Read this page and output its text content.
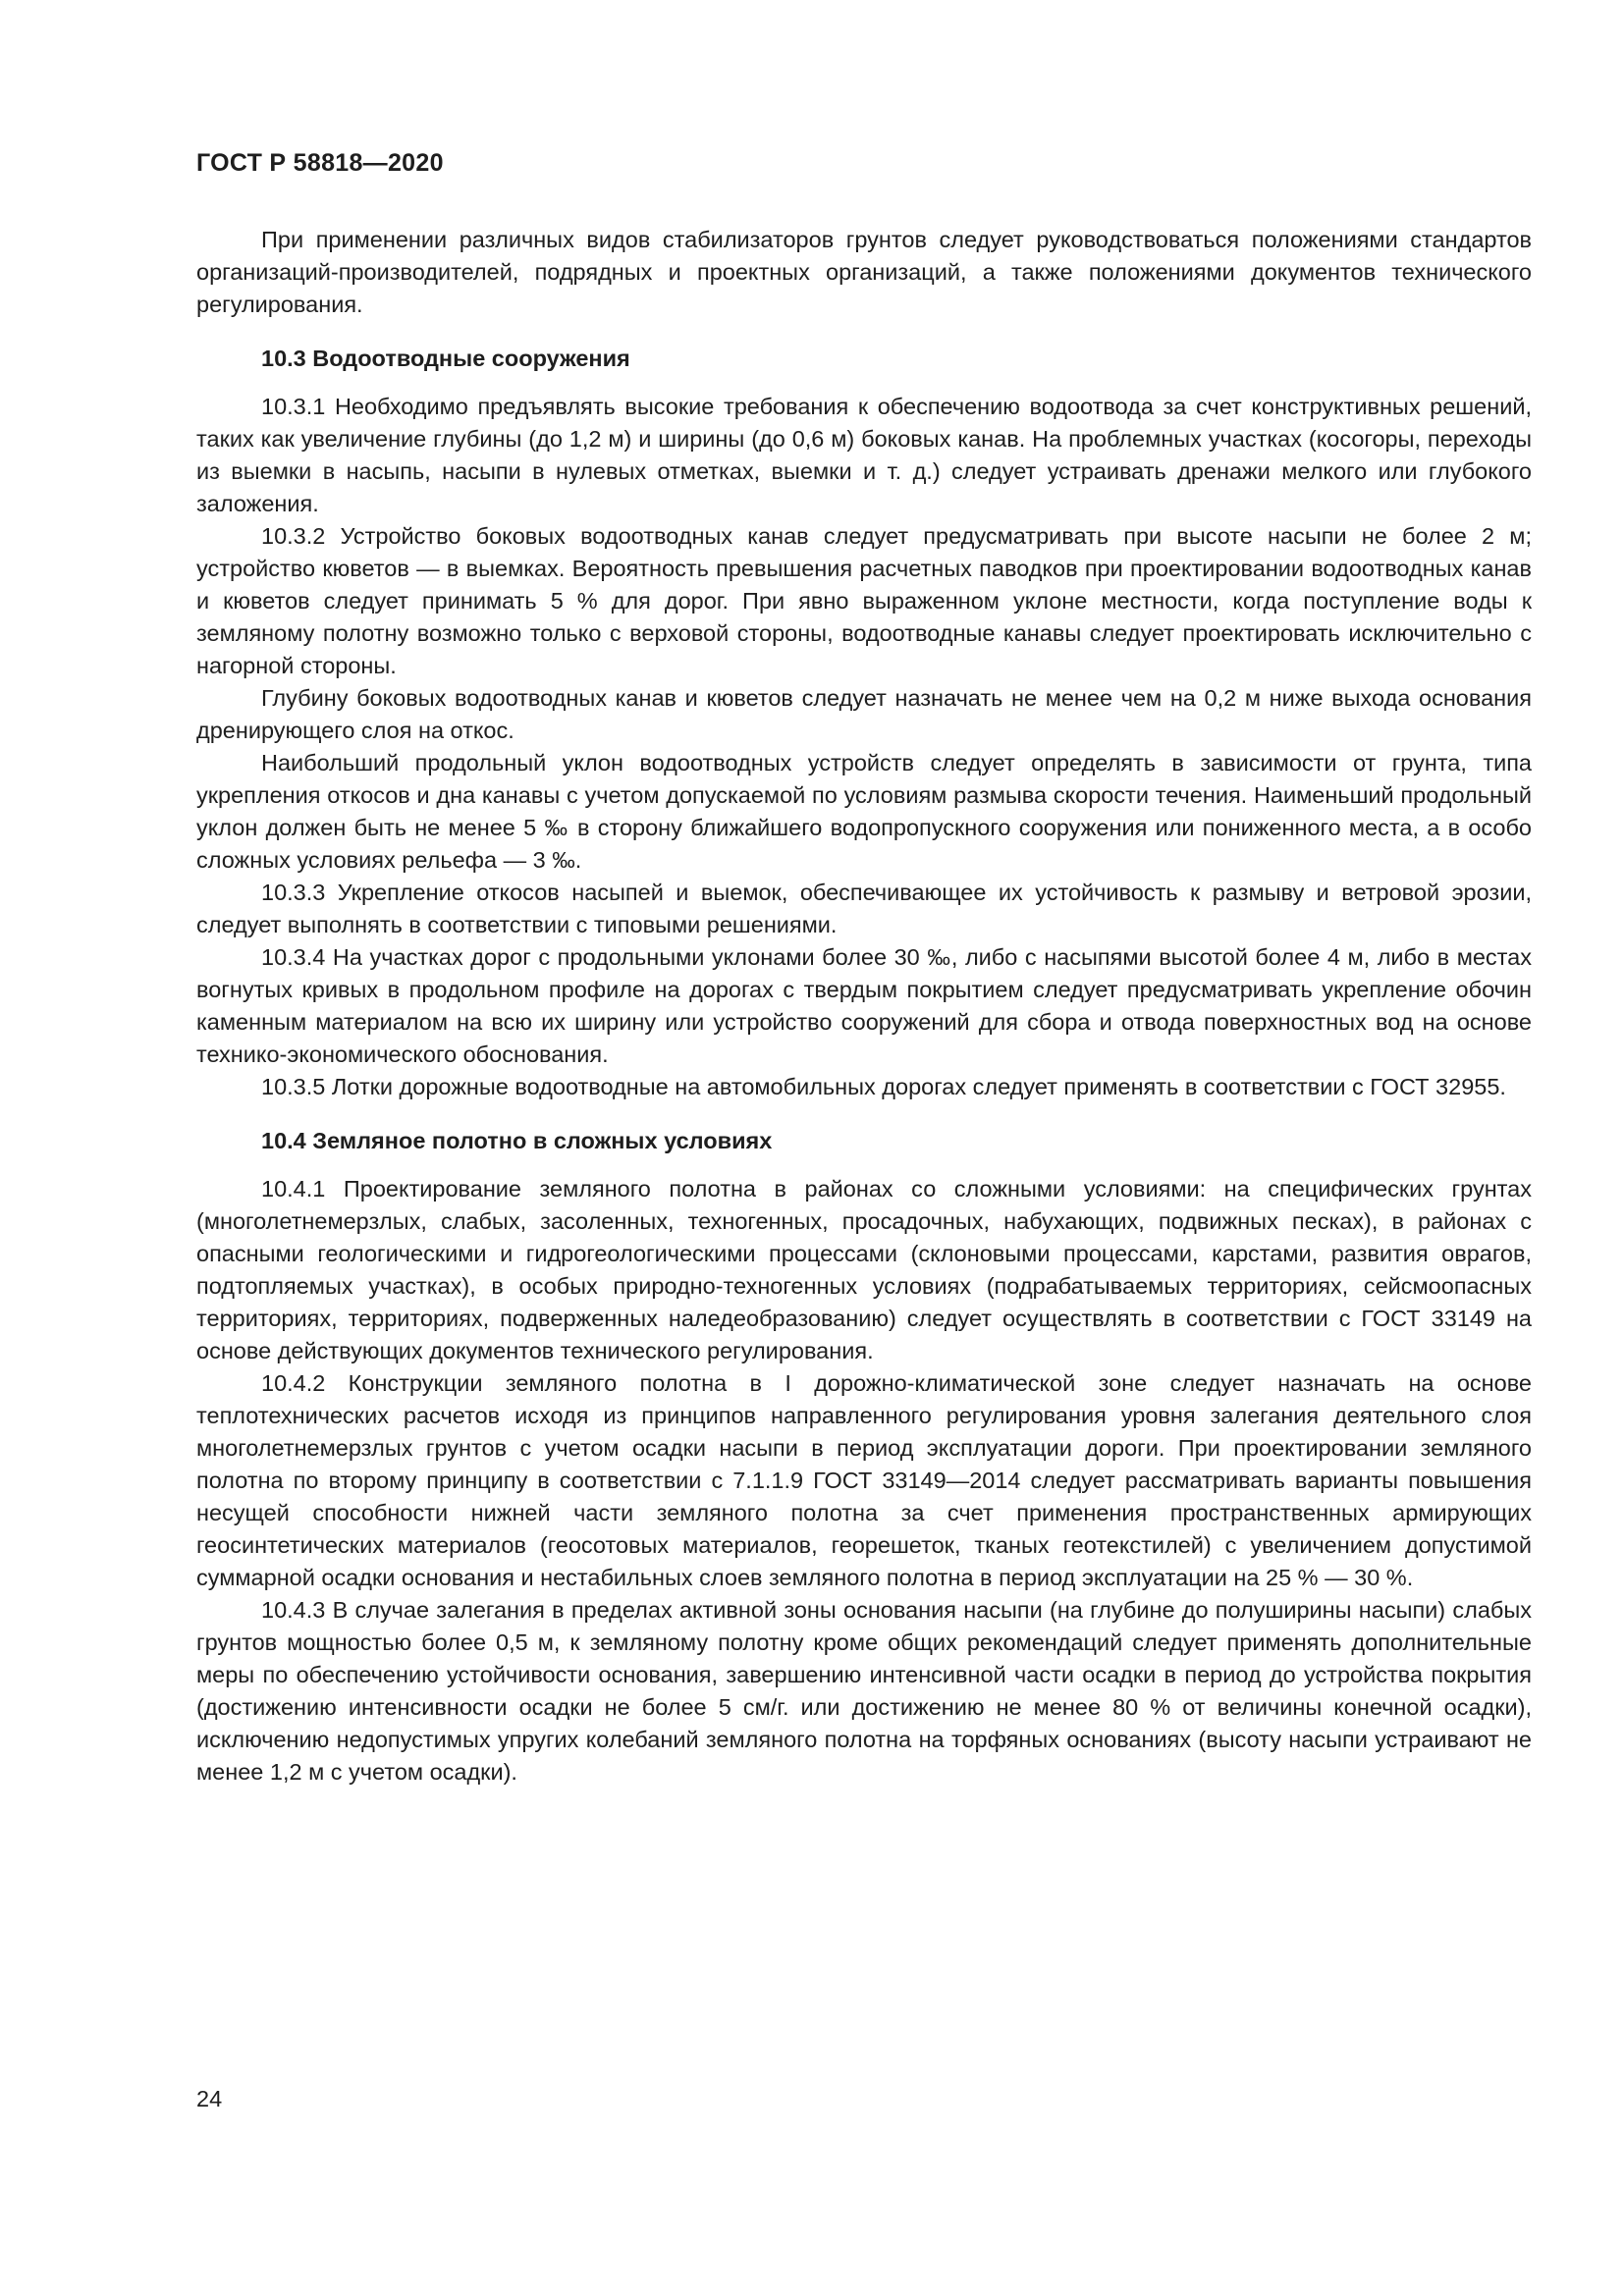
ГОСТ Р 58818—2020

При применении различных видов стабилизаторов грунтов следует руководствоваться положениями стандартов организаций-производителей, подрядных и проектных организаций, а также положениями документов технического регулирования.

10.3 Водоотводные сооружения

10.3.1 Необходимо предъявлять высокие требования к обеспечению водоотвода за счет конструктивных решений, таких как увеличение глубины (до 1,2 м) и ширины (до 0,6 м) боковых канав. На проблемных участках (косогоры, переходы из выемки в насыпь, насыпи в нулевых отметках, выемки и т. д.) следует устраивать дренажи мелкого или глубокого заложения.

10.3.2 Устройство боковых водоотводных канав следует предусматривать при высоте насыпи не более 2 м; устройство кюветов — в выемках. Вероятность превышения расчетных паводков при проектировании водоотводных канав и кюветов следует принимать 5 % для дорог. При явно выраженном уклоне местности, когда поступление воды к земляному полотну возможно только с верховой стороны, водоотводные канавы следует проектировать исключительно с нагорной стороны.

Глубину боковых водоотводных канав и кюветов следует назначать не менее чем на 0,2 м ниже выхода основания дренирующего слоя на откос.

Наибольший продольный уклон водоотводных устройств следует определять в зависимости от грунта, типа укрепления откосов и дна канавы с учетом допускаемой по условиям размыва скорости течения. Наименьший продольный уклон должен быть не менее 5 ‰ в сторону ближайшего водопропускного сооружения или пониженного места, а в особо сложных условиях рельефа — 3 ‰.

10.3.3 Укрепление откосов насыпей и выемок, обеспечивающее их устойчивость к размыву и ветровой эрозии, следует выполнять в соответствии с типовыми решениями.

10.3.4 На участках дорог с продольными уклонами более 30 ‰, либо с насыпями высотой более 4 м, либо в местах вогнутых кривых в продольном профиле на дорогах с твердым покрытием следует предусматривать укрепление обочин каменным материалом на всю их ширину или устройство сооружений для сбора и отвода поверхностных вод на основе технико-экономического обоснования.

10.3.5 Лотки дорожные водоотводные на автомобильных дорогах следует применять в соответствии с ГОСТ 32955.

10.4 Земляное полотно в сложных условиях

10.4.1 Проектирование земляного полотна в районах со сложными условиями: на специфических грунтах (многолетнемерзлых, слабых, засоленных, техногенных, просадочных, набухающих, подвижных песках), в районах с опасными геологическими и гидрогеологическими процессами (склоновыми процессами, карстами, развития оврагов, подтопляемых участках), в особых природно-техногенных условиях (подрабатываемых территориях, сейсмоопасных территориях, территориях, подверженных наледеобразованию) следует осуществлять в соответствии с ГОСТ 33149 на основе действующих документов технического регулирования.

10.4.2 Конструкции земляного полотна в I дорожно-климатической зоне следует назначать на основе теплотехнических расчетов исходя из принципов направленного регулирования уровня залегания деятельного слоя многолетнемерзлых грунтов с учетом осадки насыпи в период эксплуатации дороги. При проектировании земляного полотна по второму принципу в соответствии с 7.1.1.9 ГОСТ 33149—2014 следует рассматривать варианты повышения несущей способности нижней части земляного полотна за счет применения пространственных армирующих геосинтетических материалов (геосотовых материалов, георешеток, тканых геотекстилей) с увеличением допустимой суммарной осадки основания и нестабильных слоев земляного полотна в период эксплуатации на 25 % — 30 %.

10.4.3 В случае залегания в пределах активной зоны основания насыпи (на глубине до полуширины насыпи) слабых грунтов мощностью более 0,5 м, к земляному полотну кроме общих рекомендаций следует применять дополнительные меры по обеспечению устойчивости основания, завершению интенсивной части осадки в период до устройства покрытия (достижению интенсивности осадки не более 5 см/г. или достижению не менее 80 % от величины конечной осадки), исключению недопустимых упругих колебаний земляного полотна на торфяных основаниях (высоту насыпи устраивают не менее 1,2 м с учетом осадки).

24
